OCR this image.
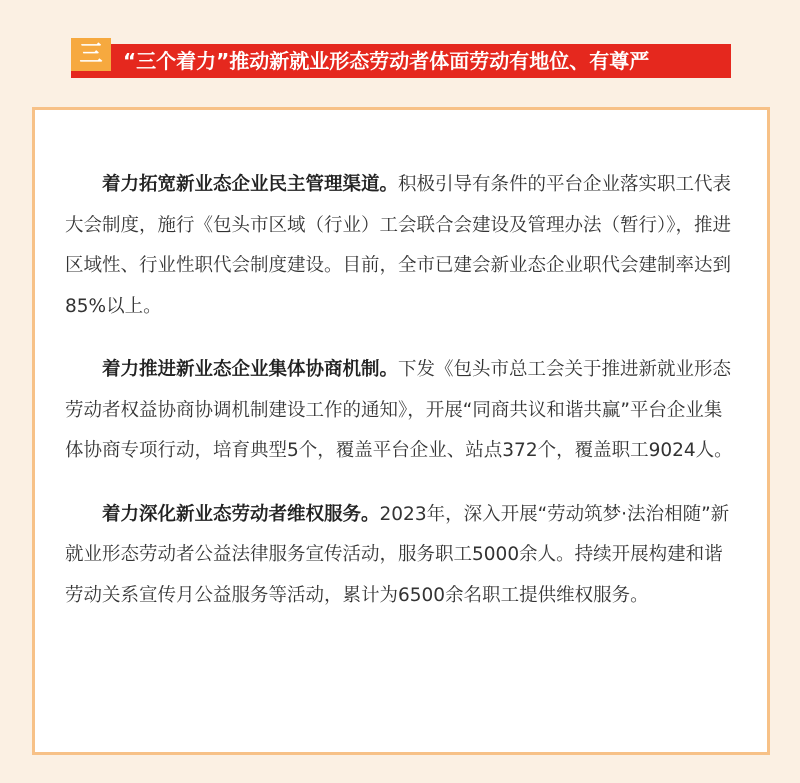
三	“三个着力”推动新就业形态劳动者体面劳动有地位、有尊严

着力拓宽新业态企业民主管理渠道。积极引导有条件的平台企业落实职工代表大会制度，施行《包头市区域（行业）工会联合会建设及管理办法（暂行）》，推进区域性、行业性职代会制度建设。目前，全市已建会新业态企业职代会建制率达到85%以上。

着力推进新业态企业集体协商机制。下发《包头市总工会关于推进新就业形态劳动者权益协商协调机制建设工作的通知》，开展“同商共议和谐共赢”平台企业集体协商专项行动，培育典型5个，覆盖平台企业、站点372个，覆盖职工9024人。

着力深化新业态劳动者维权服务。2023年，深入开展“劳动筑梦·法治相随”新就业形态劳动者公益法律服务宣传活动，服务职工5000余人。持续开展构建和谐劳动关系宣传月公益服务等活动，累计为6500余名职工提供维权服务。
